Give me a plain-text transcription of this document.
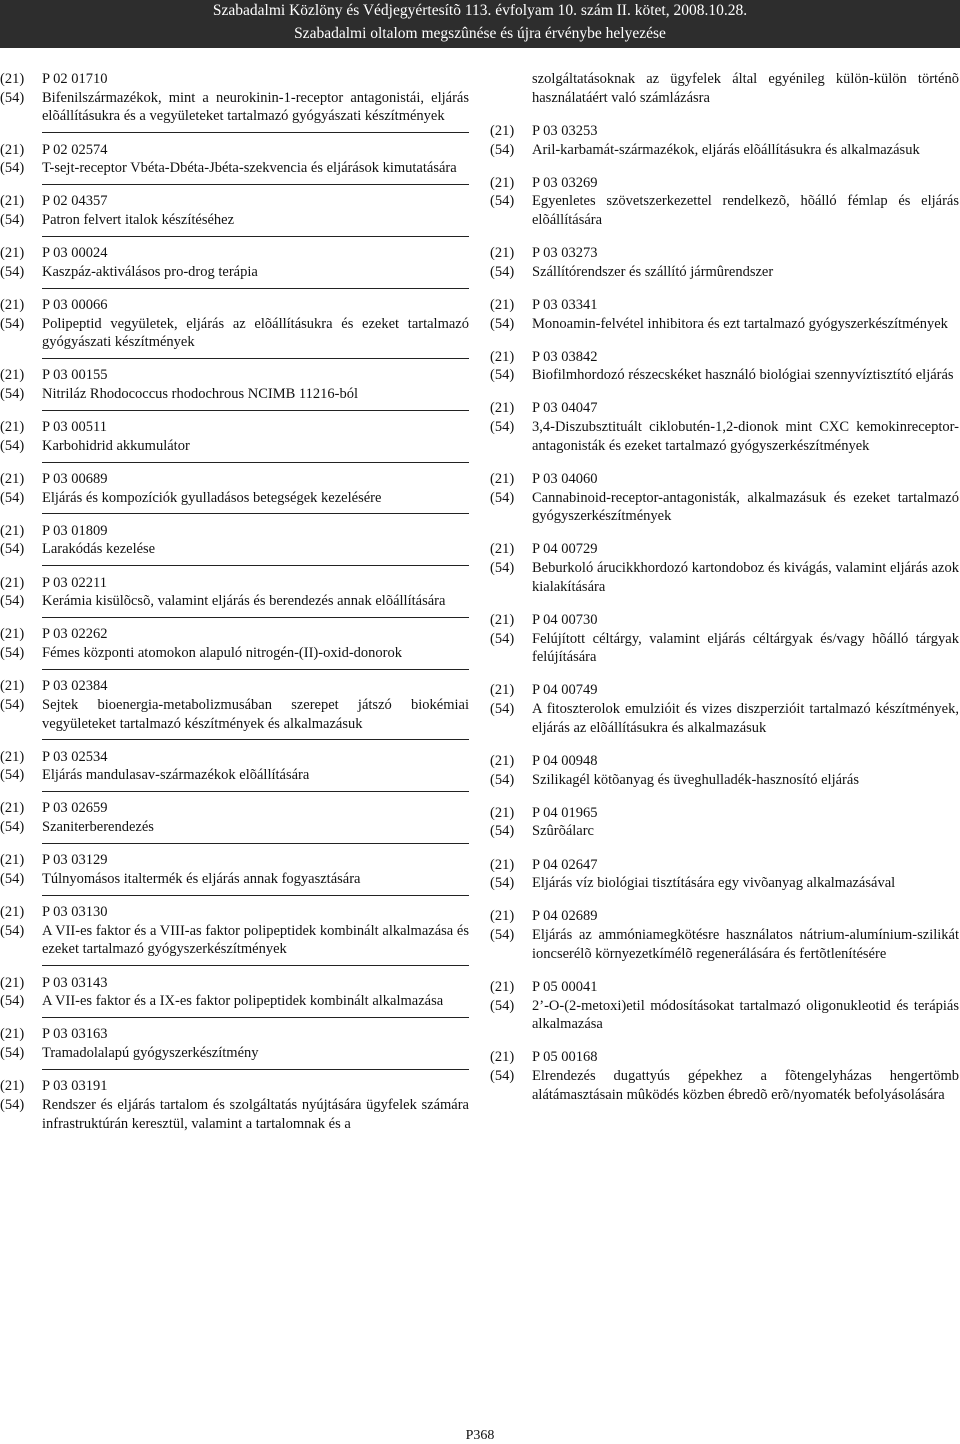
Szabadalmi Közlöny és Védjegyértesítõ 113. évfolyam 10. szám II. kötet, 2008.10.28.
Szabadalmi oltalom megszûnése és újra érvénybe helyezése
(21)	P 02 01710
(54)	Bifenilszármazékok, mint a neurokinin-1-receptor antagonistái, eljárás elõállításukra és a vegyületeket tartalmazó gyógyászati készítmények
(21)	P 02 02574
(54)	T-sejt-receptor Vbéta-Dbéta-Jbéta-szekvencia és eljárások kimutatására
(21)	P 02 04357
(54)	Patron felvert italok készítéséhez
(21)	P 03 00024
(54)	Kaszpáz-aktiválásos pro-drog terápia
(21)	P 03 00066
(54)	Polipeptid vegyületek, eljárás az elõállításukra és ezeket tartalmazó gyógyászati készítmények
(21)	P 03 00155
(54)	Nitriláz Rhodococcus rhodochrous NCIMB 11216-ból
(21)	P 03 00511
(54)	Karbohidrid akkumulátor
(21)	P 03 00689
(54)	Eljárás és kompozíciók gyulladásos betegségek kezelésére
(21)	P 03 01809
(54)	Larakódás kezelése
(21)	P 03 02211
(54)	Kerámia kisülõcsõ, valamint eljárás és berendezés annak elõállítására
(21)	P 03 02262
(54)	Fémes központi atomokon alapuló nitrogén-(II)-oxid-donorok
(21)	P 03 02384
(54)	Sejtek bioenergia-metabolizmusában szerepet játszó biokémiai vegyületeket tartalmazó készítmények és alkalmazásuk
(21)	P 03 02534
(54)	Eljárás mandulasav-származékok elõállítására
(21)	P 03 02659
(54)	Szaniterberendezés
(21)	P 03 03129
(54)	Túlnyomásos italtermék és eljárás annak fogyasztására
(21)	P 03 03130
(54)	A VII-es faktor és a VIII-as faktor polipeptidek kombinált alkalmazása és ezeket tartalmazó gyógyszerkészítmények
(21)	P 03 03143
(54)	A VII-es faktor és a IX-es faktor polipeptidek kombinált alkalmazása
(21)	P 03 03163
(54)	Tramadolalapú gyógyszerkészítmény
(21)	P 03 03191
(54)	Rendszer és eljárás tartalom és szolgáltatás nyújtására ügyfelek számára infrastruktúrán keresztül, valamint a tartalomnak és a
szolgáltatásoknak az ügyfelek által egyénileg külön-külön történõ használatáért való számlázásra
(21)	P 03 03253
(54)	Aril-karbamát-származékok, eljárás elõállításukra és alkalmazásuk
(21)	P 03 03269
(54)	Egyenletes szövetszerkezettel rendelkezõ, hõálló fémlap és eljárás elõállítására
(21)	P 03 03273
(54)	Szállítórendszer és szállító jármûrendszer
(21)	P 03 03341
(54)	Monoamin-felvétel inhibitora és ezt tartalmazó gyógyszerkészítmények
(21)	P 03 03842
(54)	Biofilmhordozó részecskéket használó biológiai szennyvíztisztító eljárás
(21)	P 03 04047
(54)	3,4-Diszubsztituált ciklobutén-1,2-dionok mint CXC kemokinreceptor-antagonisták és ezeket tartalmazó gyógyszerkészítmények
(21)	P 03 04060
(54)	Cannabinoid-receptor-antagonisták, alkalmazásuk és ezeket tartalmazó gyógyszerkészítmények
(21)	P 04 00729
(54)	Beburkoló árucikkhordozó kartondoboz és kivágás, valamint eljárás azok kialakítására
(21)	P 04 00730
(54)	Felújított céltárgy, valamint eljárás céltárgyak és/vagy hõálló tárgyak felújítására
(21)	P 04 00749
(54)	A fitoszterolok emulzióit és vizes diszperzióit tartalmazó készítmények, eljárás az elõállításukra és alkalmazásuk
(21)	P 04 00948
(54)	Szilikagél kötõanyag és üveghulladék-hasznosító eljárás
(21)	P 04 01965
(54)	Szûrõálarc
(21)	P 04 02647
(54)	Eljárás víz biológiai tisztítására egy vivõanyag alkalmazásával
(21)	P 04 02689
(54)	Eljárás az ammóniamegkötésre használatos nátrium-alumínium-szilikát ioncserélõ környezetkímélõ regenerálására és fertõtlenítésére
(21)	P 05 00041
(54)	2’-O-(2-metoxi)etil módosításokat tartalmazó oligonukleotid és terápiás alkalmazása
(21)	P 05 00168
(54)	Elrendezés dugattyús gépekhez a fõtengelyházas hengertömb alátámasztásain mûködés közben ébredõ erõ/nyomaték befolyásolására
P368
